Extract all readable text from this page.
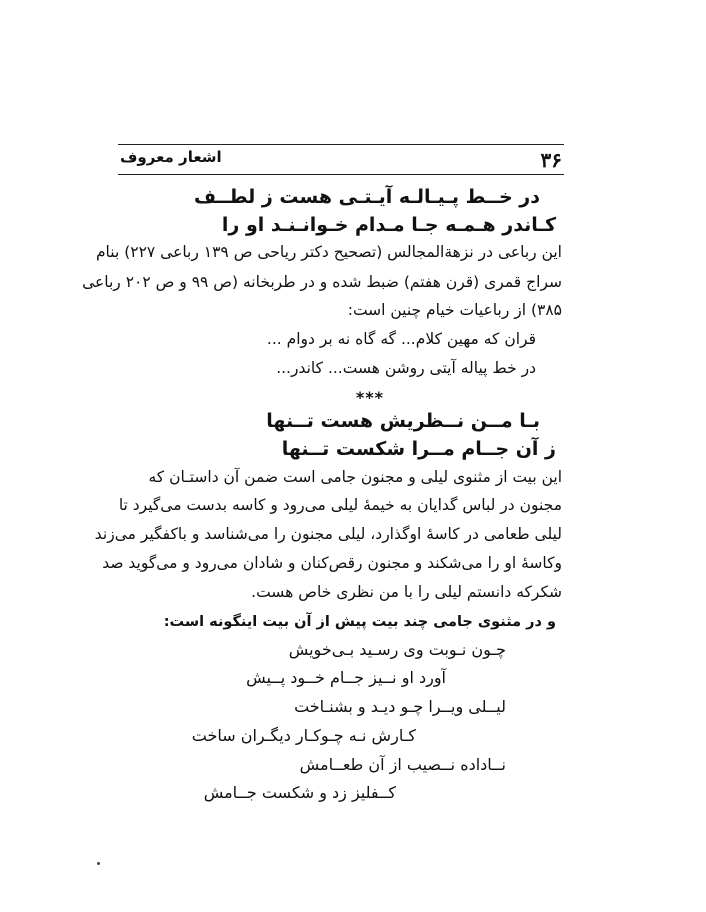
۳۶
اشعار معروف
در خــط پـیـالـه آیـتـی هست ز لطــف
کـاندر هـمـه جـا مـدام خـوانـنـد او را
این رباعی در نزهةالمجالس (تصحیح دکتر ریاحی ص ۱۳۹ رباعی ۲۲۷) بنام
سراج قمری (قرن هفتم) ضبط شده و در طربخانه (ص ۹۹ و ص ۲۰۲ رباعی
۳۸۵) از رباعیات خیام چنین است:
قران که مهین کلام... گه گاه نه بر دوام ...
در خط پیاله آیتی روشن هست... کاندر...
***
بـا مــن نــظریش هست تــنها
ز آن جــام مــرا شکست تــنها
این بیت از مثنوی لیلی و مجنون جامی است ضمن آن داستـان که
مجنون در لباس گدایان به خیمهٔ لیلی می‌رود و کاسه بدست می‌گیرد تا
لیلی طعامی در کاسهٔ اوگذارد، لیلی مجنون را می‌شناسد و باکفگیر می‌زند
وکاسهٔ او را می‌شکند و مجنون رقص‌کنان و شادان می‌رود و می‌گوید صد
شکرکه دانستم لیلی را با من نظری خاص هست.
و در مثنوی جامی چند بیت پیش از آن بیت اینگونه است:
چـون نـوبت وی رسـید بـی‌خویش
آورد او نــیز جــام خــود پــیش
لیــلی ویــرا چـو دیـد و بشنـاخت
کـارش نـه چـوکـار دیگـران ساخت
نــاداده نــصیب از آن طعــامش
کــفلیز زد و شکست جــامش
